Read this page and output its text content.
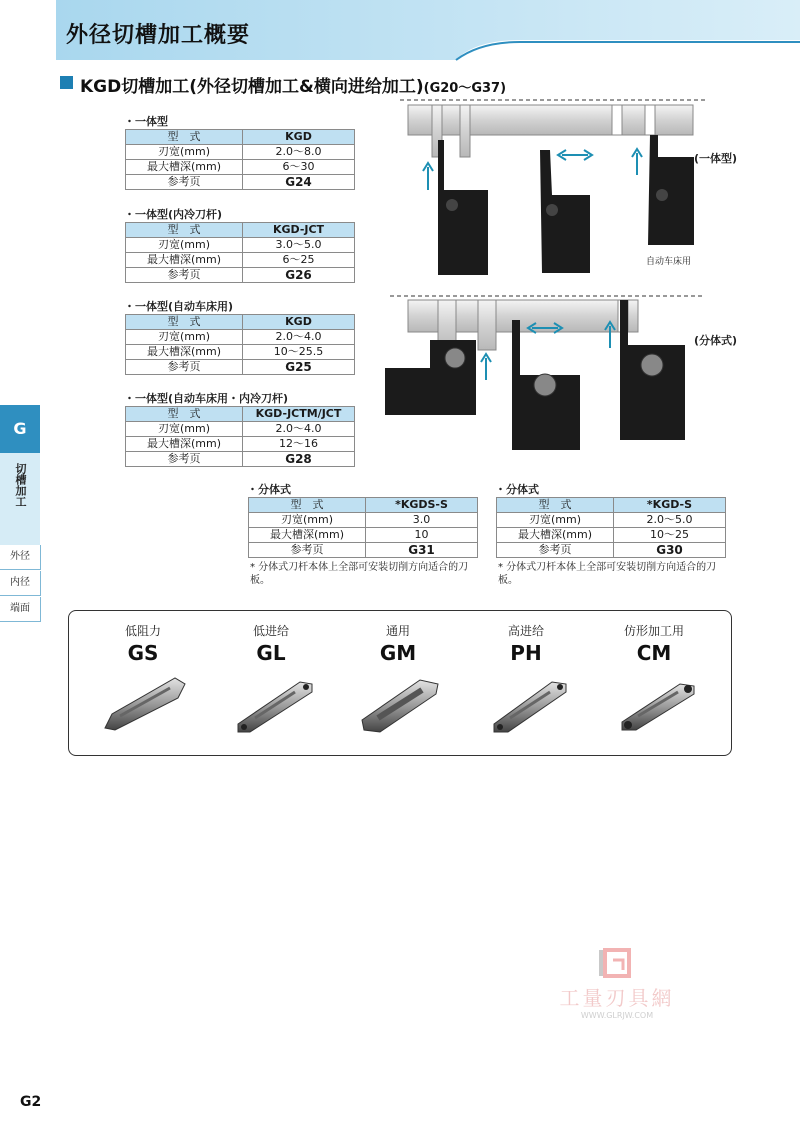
外径切槽加工概要
KGD切槽加工(外径切槽加工&横向进给加工)(G20～G37)
・一体型
型　式	KGD
刃宽(mm)	2.0～8.0
最大槽深(mm)	6～30
参考页	G24
・一体型(内冷刀杆)
型　式	KGD-JCT
刃宽(mm)	3.0～5.0
最大槽深(mm)	6～25
参考页	G26
・一体型(自动车床用)
型　式	KGD
刃宽(mm)	2.0～4.0
最大槽深(mm)	10～25.5
参考页	G25
・一体型(自动车床用・内冷刀杆)
型　式	KGD-JCTM/JCT
刃宽(mm)	2.0～4.0
最大槽深(mm)	12～16
参考页	G28
・分体式
型　式	*KGDS-S
刃宽(mm)	3.0
最大槽深(mm)	10
参考页	G31
* 分体式刀杆本体上全部可安装切削方向适合的刀板。
・分体式
型　式	*KGD-S
刃宽(mm)	2.0～5.0
最大槽深(mm)	10～25
参考页	G30
* 分体式刀杆本体上全部可安装切削方向适合的刀板。
(一体型)
自动车床用
(分体式)
G
切槽加工
外径
内径
端面
低阻力
GS
低进给
GL
通用
GM
高进给
PH
仿形加工用
CM
工量刃具網
WWW.GLRJW.COM
G2
